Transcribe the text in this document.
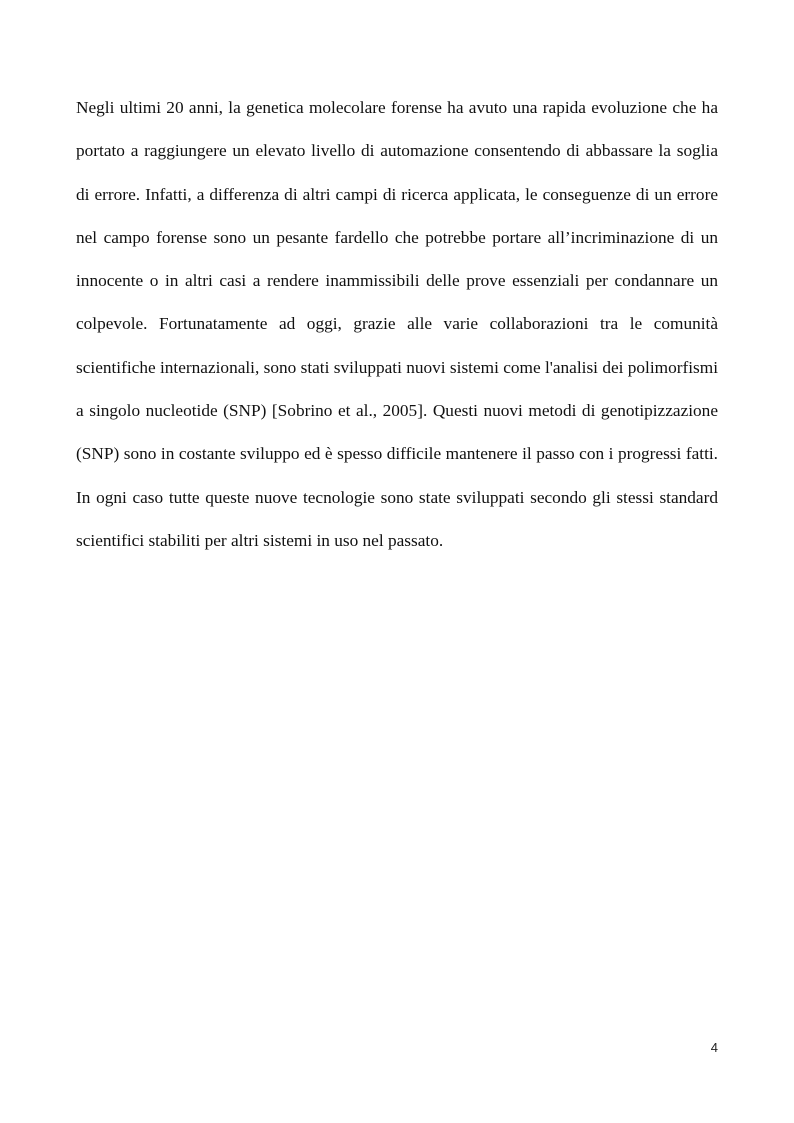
Negli ultimi 20 anni, la genetica molecolare forense ha avuto una rapida evoluzione che ha portato a raggiungere un elevato livello di automazione consentendo di abbassare la soglia di errore. Infatti, a differenza di altri campi di ricerca applicata, le conseguenze di un errore nel campo forense sono un pesante fardello che potrebbe portare all’incriminazione di un innocente o in altri casi a rendere inammissibili delle prove essenziali per condannare un colpevole. Fortunatamente ad oggi, grazie alle varie collaborazioni tra le comunità scientifiche internazionali, sono stati sviluppati nuovi sistemi come l'analisi dei polimorfismi a singolo nucleotide (SNP) [Sobrino et al., 2005]. Questi nuovi metodi di genotipizzazione (SNP) sono in costante sviluppo ed è spesso difficile mantenere il passo con i progressi fatti. In ogni caso tutte queste nuove tecnologie sono state sviluppati secondo gli stessi standard scientifici stabiliti per altri sistemi in uso nel passato.

4
